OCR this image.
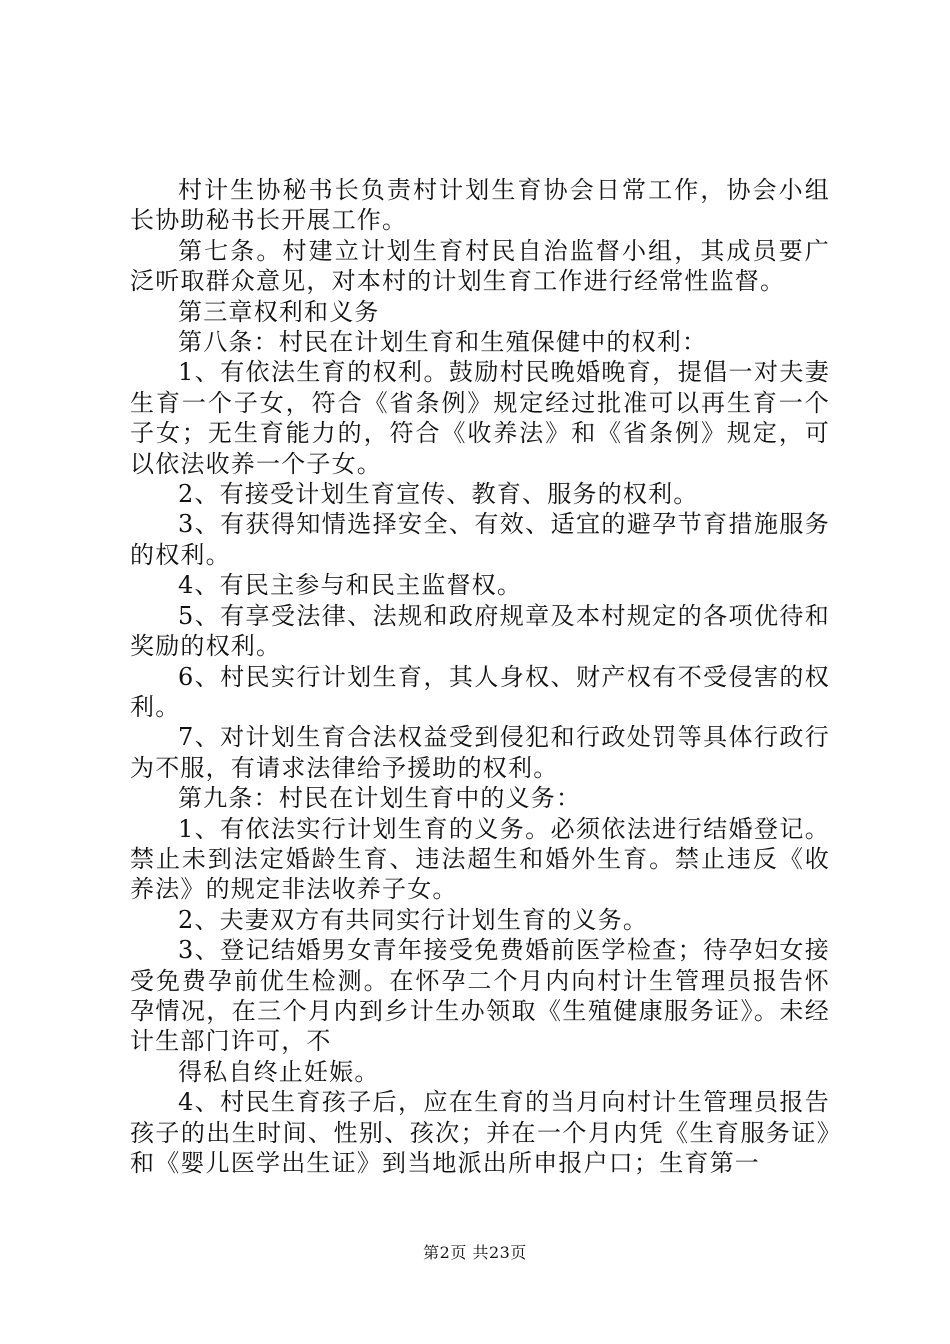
村计生协秘书长负责村计划生育协会日常工作，协会小组长协助秘书长开展工作。

第七条。村建立计划生育村民自治监督小组，其成员要广泛听取群众意见，对本村的计划生育工作进行经常性监督。

第三章权利和义务

第八条：村民在计划生育和生殖保健中的权利：

1、有依法生育的权利。鼓励村民晚婚晚育，提倡一对夫妻生育一个子女，符合《省条例》规定经过批准可以再生育一个子女；无生育能力的，符合《收养法》和《省条例》规定，可以依法收养一个子女。

2、有接受计划生育宣传、教育、服务的权利。

3、有获得知情选择安全、有效、适宜的避孕节育措施服务的权利。

4、有民主参与和民主监督权。

5、有享受法律、法规和政府规章及本村规定的各项优待和奖励的权利。

6、村民实行计划生育，其人身权、财产权有不受侵害的权利。

7、对计划生育合法权益受到侵犯和行政处罚等具体行政行为不服，有请求法律给予援助的权利。

第九条：村民在计划生育中的义务：

1、有依法实行计划生育的义务。必须依法进行结婚登记。禁止未到法定婚龄生育、违法超生和婚外生育。禁止违反《收养法》的规定非法收养子女。

2、夫妻双方有共同实行计划生育的义务。

3、登记结婚男女青年接受免费婚前医学检查；待孕妇女接受免费孕前优生检测。在怀孕二个月内向村计生管理员报告怀孕情况，在三个月内到乡计生办领取《生殖健康服务证》。未经计生部门许可，不

得私自终止妊娠。

4、村民生育孩子后，应在生育的当月向村计生管理员报告孩子的出生时间、性别、孩次；并在一个月内凭《生育服务证》和《婴儿医学出生证》到当地派出所申报户口；生育第一

第2页 共23页
